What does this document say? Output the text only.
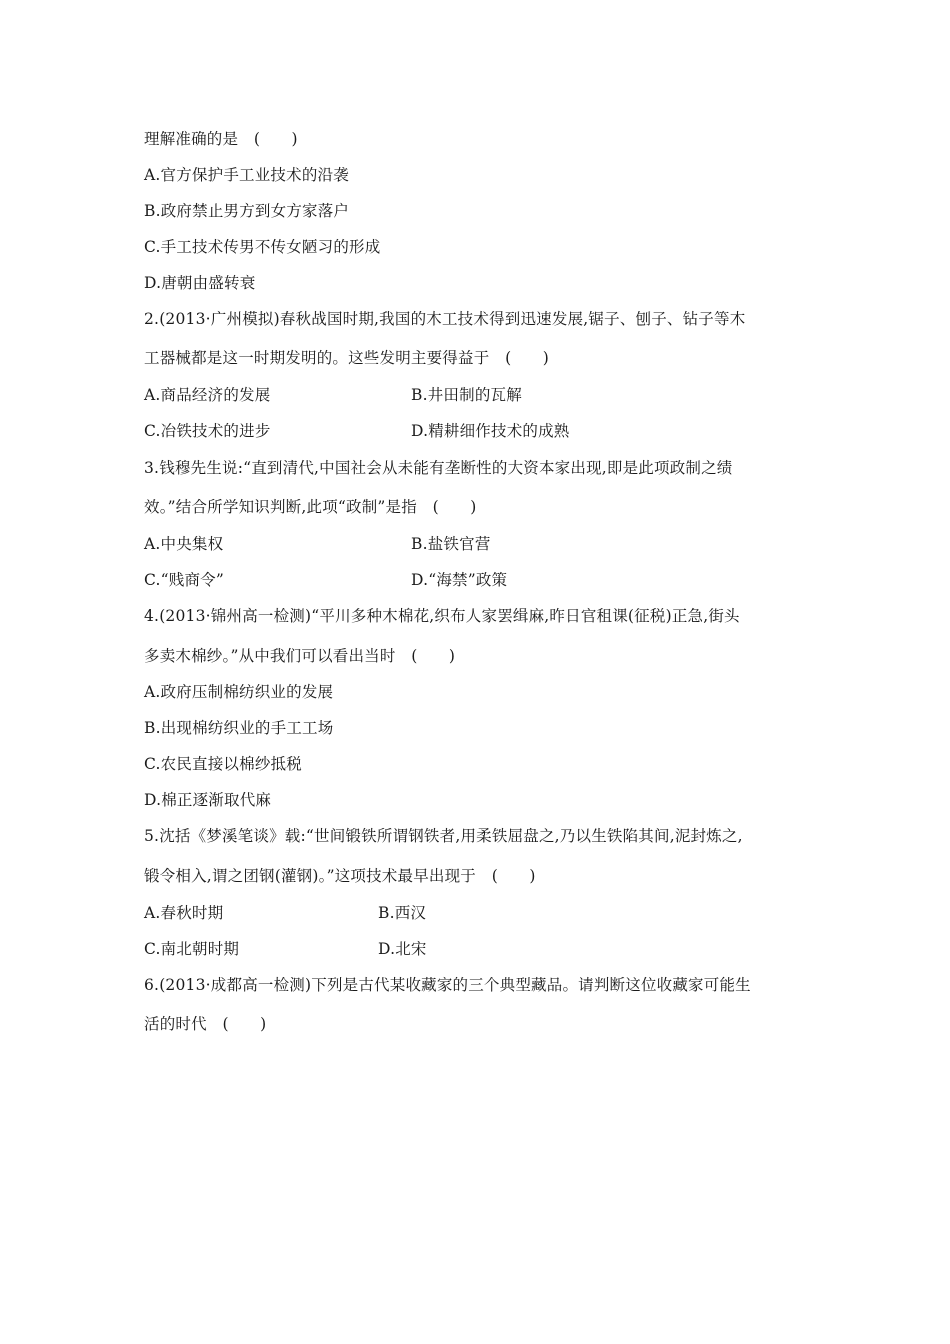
理解准确的是　(　　)
A.官方保护手工业技术的沿袭
B.政府禁止男方到女方家落户
C.手工技术传男不传女陋习的形成
D.唐朝由盛转衰
2.(2013·广州模拟)春秋战国时期,我国的木工技术得到迅速发展,锯子、刨子、钻子等木
工器械都是这一时期发明的。这些发明主要得益于　(　　)
A.商品经济的发展	B.井田制的瓦解
C.冶铁技术的进步	D.精耕细作技术的成熟
3.钱穆先生说:“直到清代,中国社会从未能有垄断性的大资本家出现,即是此项政制之绩
效。”结合所学知识判断,此项“政制”是指　(　　)
A.中央集权	B.盐铁官营
C.“贱商令”	D.“海禁”政策
4.(2013·锦州高一检测)“平川多种木棉花,织布人家罢缉麻,昨日官租课(征税)正急,街头
多卖木棉纱。”从中我们可以看出当时　(　　)
A.政府压制棉纺织业的发展
B.出现棉纺织业的手工工场
C.农民直接以棉纱抵税
D.棉正逐渐取代麻
5.沈括《梦溪笔谈》载:“世间锻铁所谓钢铁者,用柔铁屈盘之,乃以生铁陷其间,泥封炼之,
锻令相入,谓之团钢(灌钢)。”这项技术最早出现于　(　　)
A.春秋时期	B.西汉
C.南北朝时期	D.北宋
6.(2013·成都高一检测)下列是古代某收藏家的三个典型藏品。请判断这位收藏家可能生
活的时代　(　　)
